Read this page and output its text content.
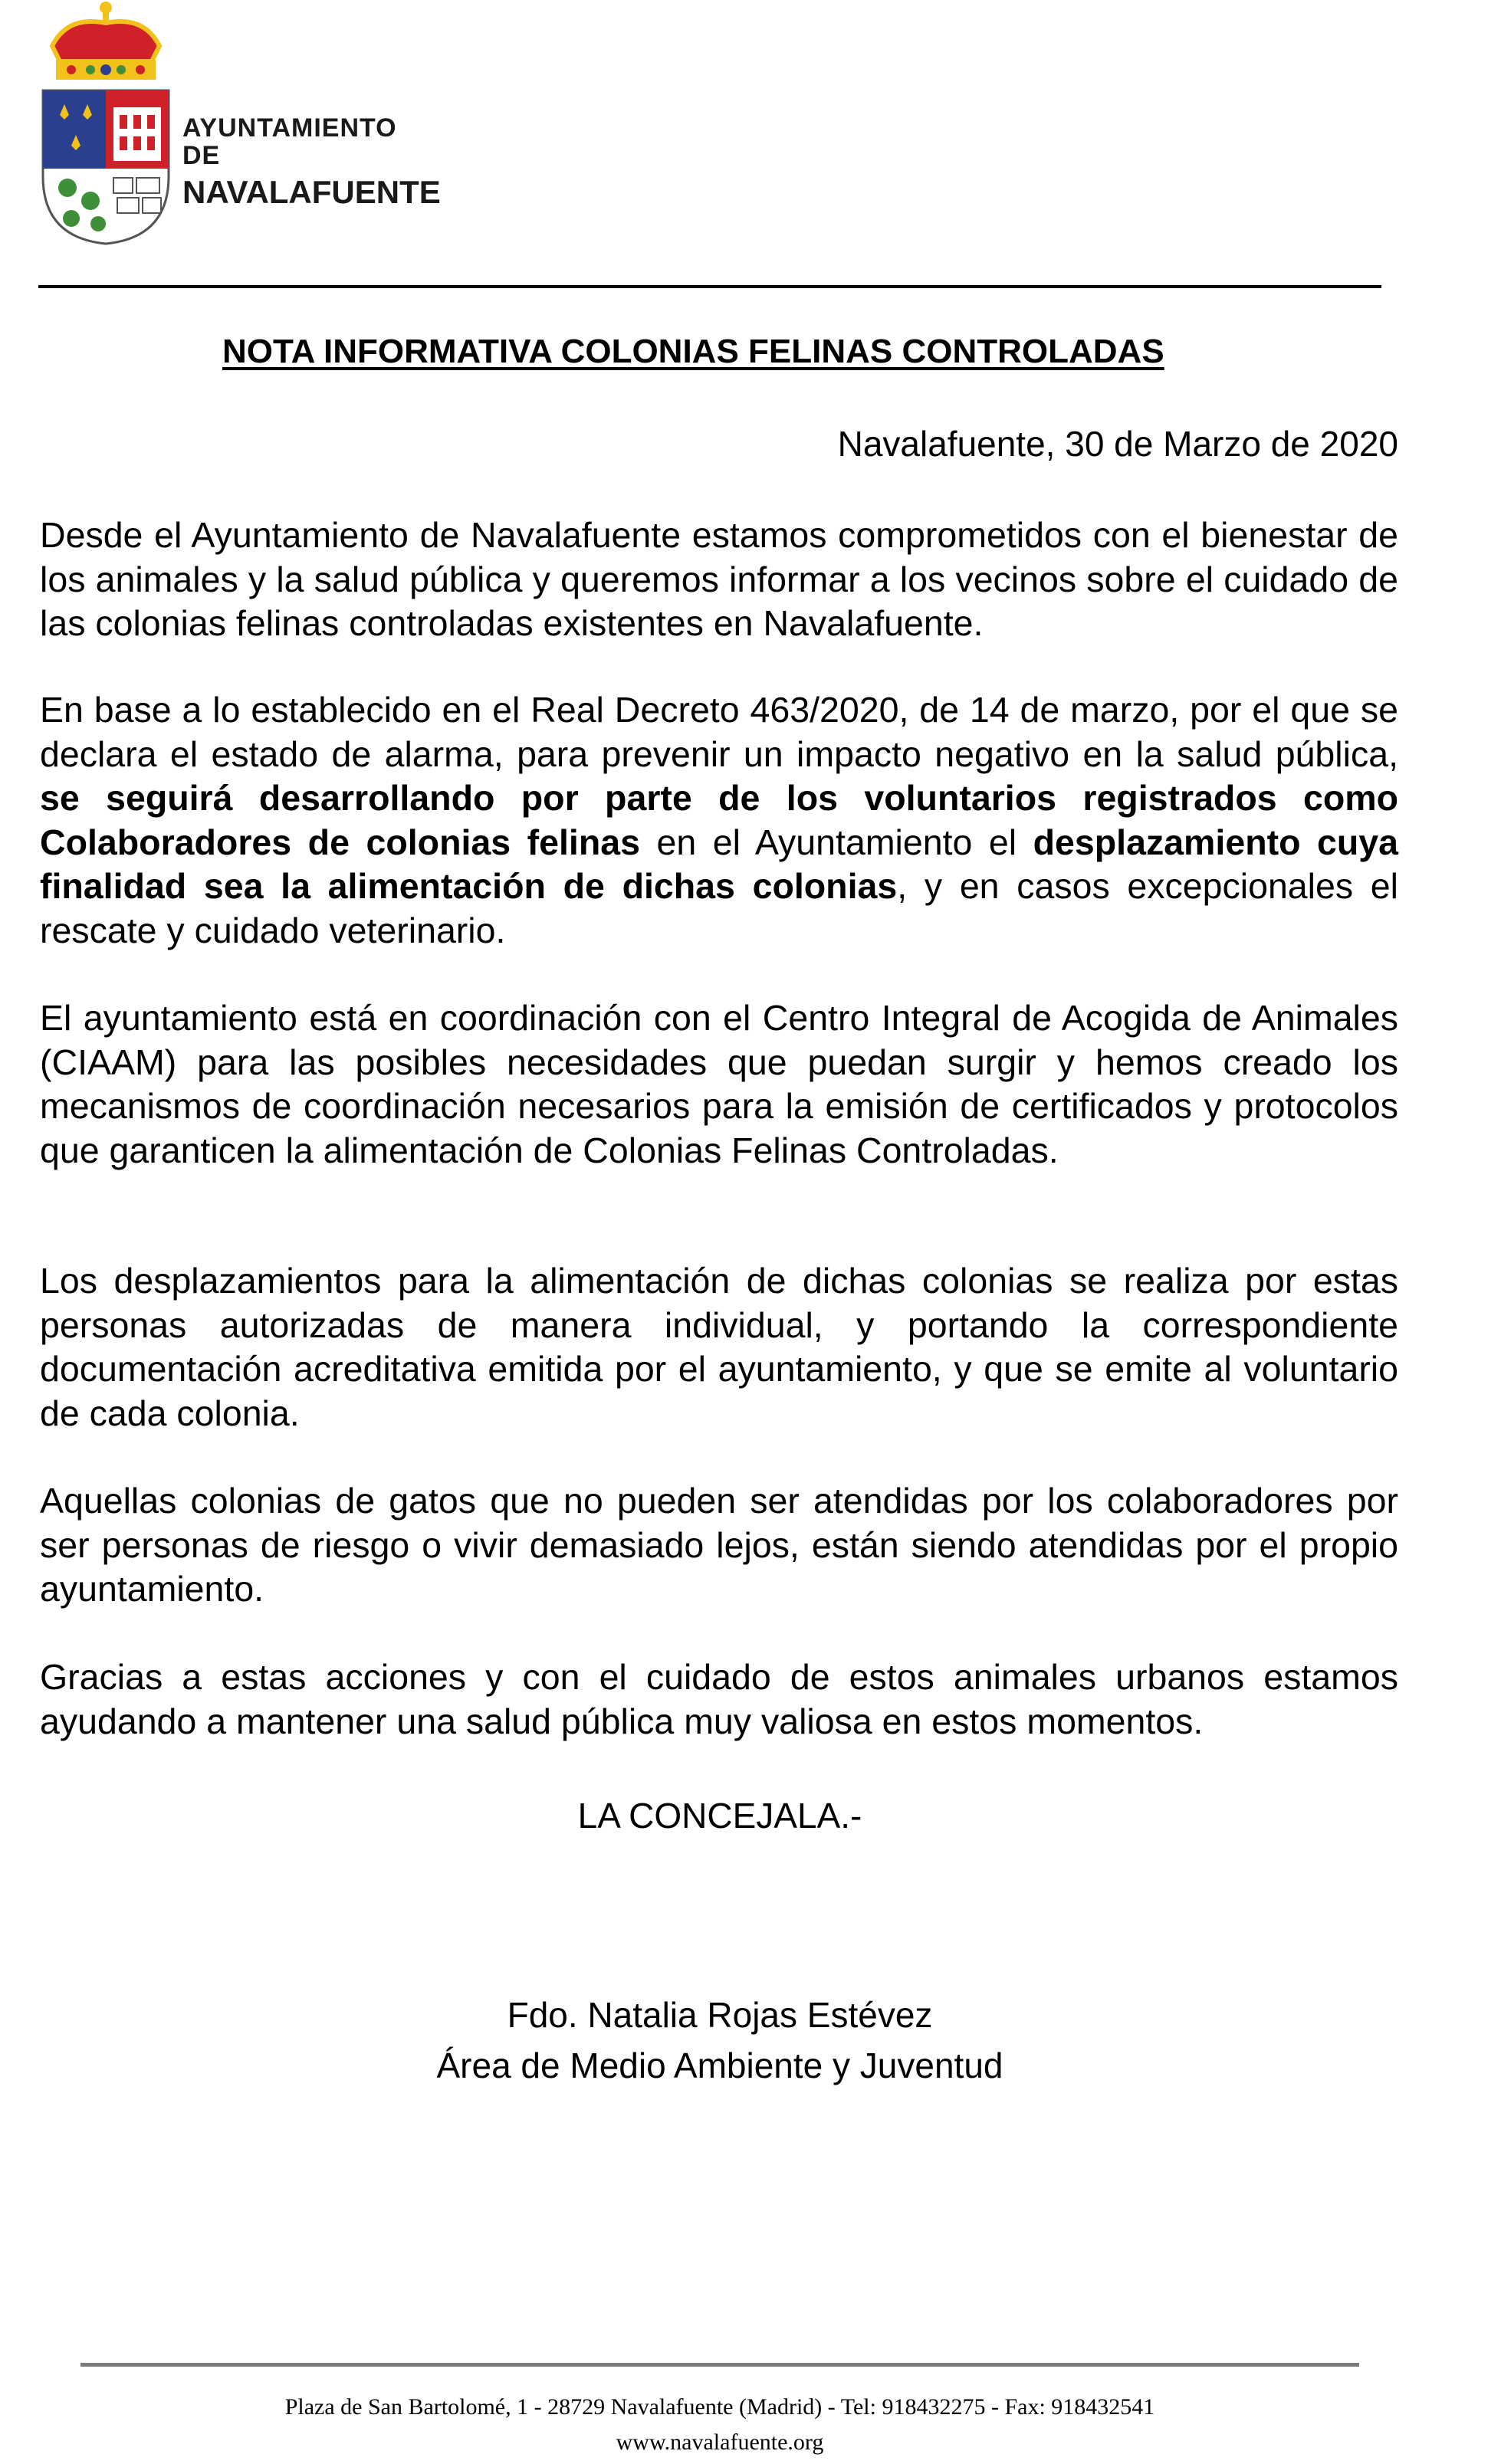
AYUNTAMIENTO DE
NAVALAFUENTE
NOTA INFORMATIVA COLONIAS FELINAS CONTROLADAS
Navalafuente, 30 de Marzo de 2020
Desde el Ayuntamiento de Navalafuente estamos comprometidos con el bienestar de los animales y la salud pública y queremos informar a los vecinos sobre el cuidado de las colonias felinas controladas existentes en Navalafuente.
En base a lo establecido en el Real Decreto 463/2020, de 14 de marzo, por el que se declara el estado de alarma, para prevenir un impacto negativo en la salud pública, se seguirá desarrollando por parte de los voluntarios registrados como Colaboradores de colonias felinas en el Ayuntamiento el desplazamiento cuya finalidad sea la alimentación de dichas colonias, y en casos excepcionales el rescate y cuidado veterinario.
El ayuntamiento está en coordinación con el Centro Integral de Acogida de Animales (CIAAM) para las posibles necesidades que puedan surgir y hemos creado los mecanismos de coordinación necesarios para la emisión de certificados y protocolos que garanticen la alimentación de Colonias Felinas Controladas.
Los desplazamientos para la alimentación de dichas colonias se realiza por estas personas autorizadas de manera individual, y portando la correspondiente documentación acreditativa emitida por el ayuntamiento, y que se emite al voluntario de cada colonia.
Aquellas colonias de gatos que no pueden ser atendidas por los colaboradores por ser personas de riesgo o vivir demasiado lejos, están siendo atendidas por el propio ayuntamiento.
Gracias a estas acciones y con el cuidado de estos animales urbanos estamos ayudando a mantener una salud pública muy valiosa en estos momentos.
LA CONCEJALA.-
Fdo. Natalia Rojas Estévez
Área de Medio Ambiente y Juventud
Plaza de San Bartolomé, 1 - 28729 Navalafuente (Madrid) - Tel: 918432275 - Fax: 918432541
www.navalafuente.org
